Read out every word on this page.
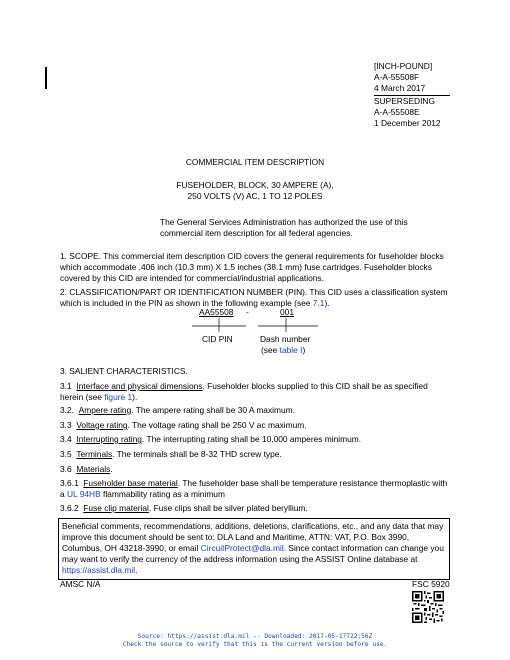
[INCH-POUND]
A-A-55508F
4 March 2017
SUPERSEDING
A-A-55508E
1 December 2012
COMMERCIAL ITEM DESCRIPTION
FUSEHOLDER, BLOCK, 30 AMPERE (A),
250 VOLTS (V) AC, 1 TO 12 POLES
The General Services Administration has authorized the use of this
commercial item description for all federal agencies.
1. SCOPE. This commercial item description CID covers the general requirements for fuseholder blocks which accommodate .406 inch (10.3 mm) X 1.5 inches (38.1 mm) fuse cartridges. Fuseholder blocks covered by this CID are intended for commercial/industrial applications.
2. CLASSIFICATION/PART OR IDENTIFICATION NUMBER (PIN). This CID uses a classification system which is included in the PIN as shown in the following example (see 7.1).
AA55508 -	001
CID PIN	Dash number
(see table I)
3. SALIENT CHARACTERISTICS.
3.1 Interface and physical dimensions. Fuseholder blocks supplied to this CID shall be as specified herein (see figure 1).
3.2. Ampere rating. The ampere rating shall be 30 A maximum.
3.3 Voltage rating. The voltage rating shall be 250 V ac maximum.
3.4 Interrupting rating. The interrupting rating shall be 10,000 amperes minimum.
3.5 Terminals. The terminals shall be 8-32 THD screw type.
3.6 Materials.
3.6.1 Fuseholder base material. The fuseholder base shall be temperature resistance thermoplastic with a UL 94HB flammability rating as a minimum
3.6.2 Fuse clip material. Fuse clips shall be silver plated beryllium.
Beneficial comments, recommendations, additions, deletions, clarifications, etc., and any data that may improve this document should be sent to: DLA Land and Maritime, ATTN: VAT, P.O. Box 3990, Columbus, OH 43218-3990, or email CircuitProtect@dla.mil. Since contact information can change you may want to verify the currency of the address information using the ASSIST Online database at https://assist.dla.mil.
AMSC N/A	FSC 5920
Source: https://assist.dla.mil -- Downloaded: 2017-05-17T22:56Z
Check the source to verify that this is the current version before use.
